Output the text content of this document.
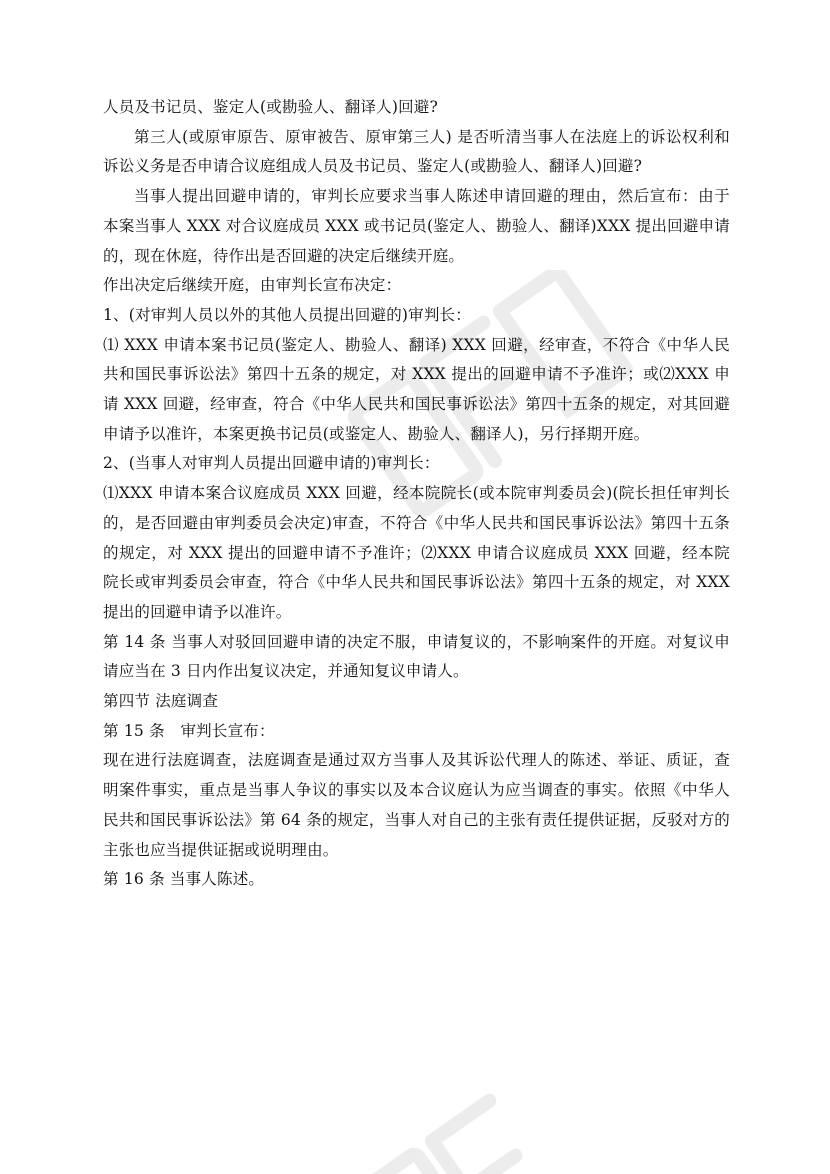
人员及书记员、鉴定人(或勘验人、翻译人)回避?

第三人(或原审原告、原审被告、原审第三人) 是否听清当事人在法庭上的诉讼权利和诉讼义务是否申请合议庭组成人员及书记员、鉴定人(或勘验人、翻译人)回避?

当事人提出回避申请的，审判长应要求当事人陈述申请回避的理由，然后宣布：由于本案当事人 XXX 对合议庭成员 XXX 或书记员(鉴定人、勘验人、翻译)XXX 提出回避申请的，现在休庭，待作出是否回避的决定后继续开庭。

作出决定后继续开庭，由审判长宣布决定：

1、(对审判人员以外的其他人员提出回避的)审判长：

⑴ XXX 申请本案书记员(鉴定人、勘验人、翻译) XXX 回避，经审查，不符合《中华人民共和国民事诉讼法》第四十五条的规定，对 XXX 提出的回避申请不予准许；或⑵XXX 申请 XXX 回避，经审查，符合《中华人民共和国民事诉讼法》第四十五条的规定，对其回避申请予以准许，本案更换书记员(或鉴定人、勘验人、翻译人)，另行择期开庭。

2、(当事人对审判人员提出回避申请的)审判长：

⑴XXX 申请本案合议庭成员 XXX 回避，经本院院长(或本院审判委员会)(院长担任审判长的，是否回避由审判委员会决定)审查，不符合《中华人民共和国民事诉讼法》第四十五条的规定，对 XXX 提出的回避申请不予准许；⑵XXX 申请合议庭成员 XXX 回避，经本院院长或审判委员会审查，符合《中华人民共和国民事诉讼法》第四十五条的规定，对 XXX 提出的回避申请予以准许。

第 14 条 当事人对驳回回避申请的决定不服，申请复议的，不影响案件的开庭。对复议申请应当在 3 日内作出复议决定，并通知复议申请人。

第四节 法庭调查

第 15 条　审判长宣布：

现在进行法庭调查，法庭调查是通过双方当事人及其诉讼代理人的陈述、举证、质证，查明案件事实，重点是当事人争议的事实以及本合议庭认为应当调查的事实。依照《中华人民共和国民事诉讼法》第 64 条的规定，当事人对自己的主张有责任提供证据，反驳对方的主张也应当提供证据或说明理由。

第 16 条 当事人陈述。
